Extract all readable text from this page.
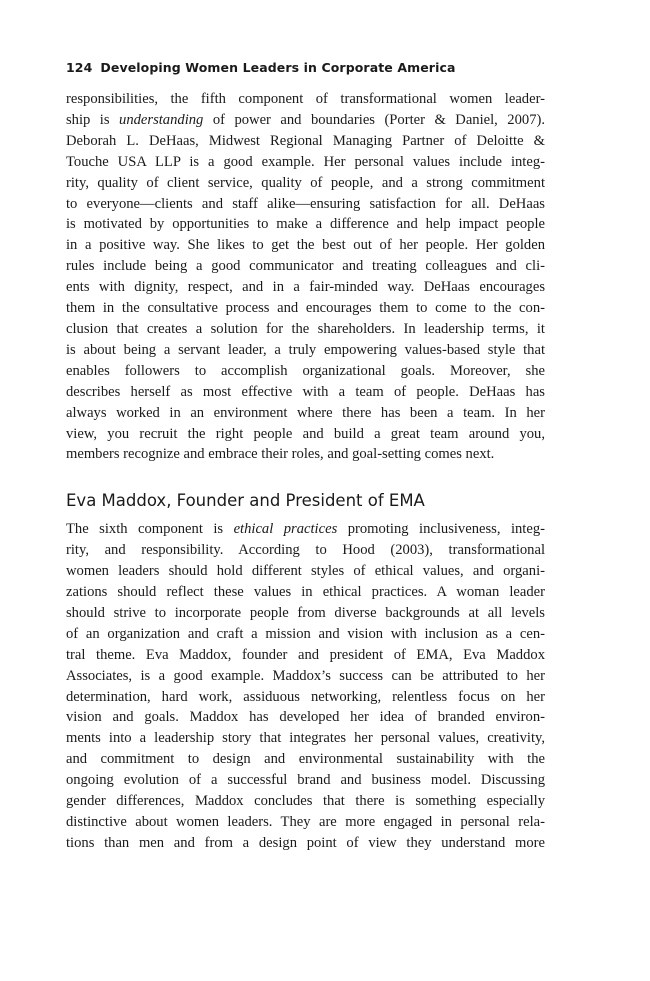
124 Developing Women Leaders in Corporate America

responsibilities, the fifth component of transformational women leader-
ship is understanding of power and boundaries (Porter & Daniel, 2007).
Deborah L. DeHaas, Midwest Regional Managing Partner of Deloitte &
Touche USA LLP is a good example. Her personal values include integ-
rity, quality of client service, quality of people, and a strong commitment
to everyone—clients and staff alike—ensuring satisfaction for all. DeHaas
is motivated by opportunities to make a difference and help impact people
in a positive way. She likes to get the best out of her people. Her golden
rules include being a good communicator and treating colleagues and cli-
ents with dignity, respect, and in a fair-minded way. DeHaas encourages
them in the consultative process and encourages them to come to the con-
clusion that creates a solution for the shareholders. In leadership terms, it
is about being a servant leader, a truly empowering values-based style that
enables followers to accomplish organizational goals. Moreover, she
describes herself as most effective with a team of people. DeHaas has
always worked in an environment where there has been a team. In her
view, you recruit the right people and build a great team around you,
members recognize and embrace their roles, and goal-setting comes next.

Eva Maddox, Founder and President of EMA

The sixth component is ethical practices promoting inclusiveness, integ-
rity, and responsibility. According to Hood (2003), transformational
women leaders should hold different styles of ethical values, and organi-
zations should reflect these values in ethical practices. A woman leader
should strive to incorporate people from diverse backgrounds at all levels
of an organization and craft a mission and vision with inclusion as a cen-
tral theme. Eva Maddox, founder and president of EMA, Eva Maddox
Associates, is a good example. Maddox’s success can be attributed to her
determination, hard work, assiduous networking, relentless focus on her
vision and goals. Maddox has developed her idea of branded environ-
ments into a leadership story that integrates her personal values, creativity,
and commitment to design and environmental sustainability with the
ongoing evolution of a successful brand and business model. Discussing
gender differences, Maddox concludes that there is something especially
distinctive about women leaders. They are more engaged in personal rela-
tions than men and from a design point of view they understand more
